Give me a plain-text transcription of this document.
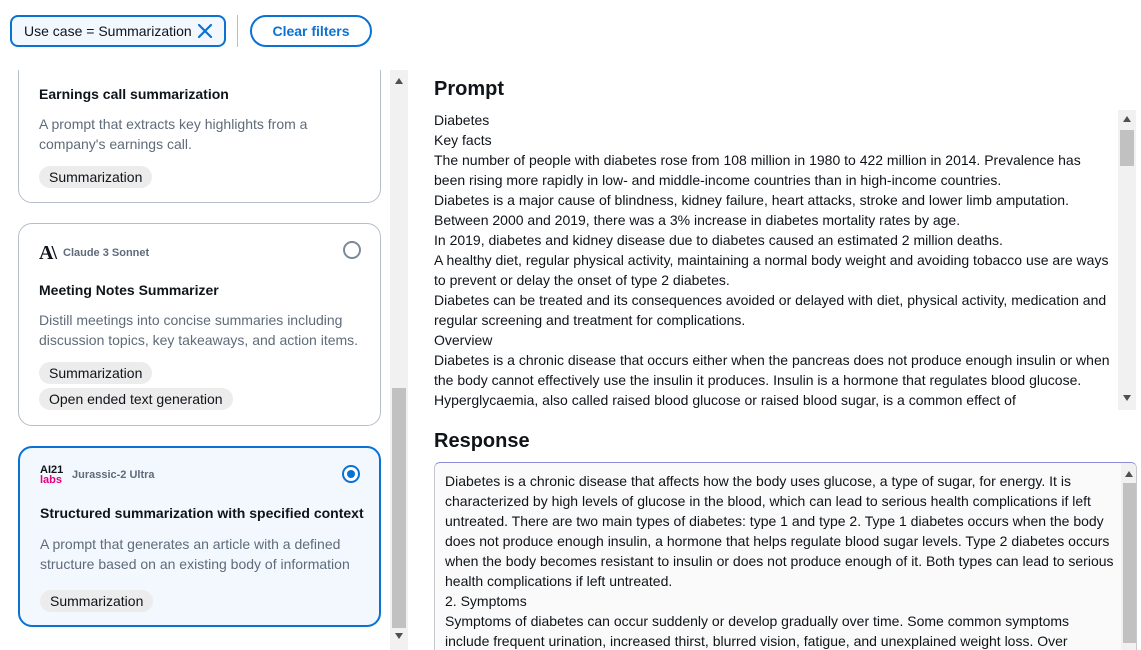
Use case = Summarization	Clear filters
Earnings call summarization
A prompt that extracts key highlights from a company's earnings call.
Summarization
A\ Claude 3 Sonnet
Meeting Notes Summarizer
Distill meetings into concise summaries including discussion topics, key takeaways, and action items.
Summarization
Open ended text generation
AI21
labs Jurassic-2 Ultra
Structured summarization with specified context
A prompt that generates an article with a defined structure based on an existing body of information
Summarization
Prompt

Diabetes

Key facts

The number of people with diabetes rose from 108 million in 1980 to 422 million in 2014. Prevalence has been rising more rapidly in low- and middle-income countries than in high-income countries.

Diabetes is a major cause of blindness, kidney failure, heart attacks, stroke and lower limb amputation.

Between 2000 and 2019, there was a 3% increase in diabetes mortality rates by age.

In 2019, diabetes and kidney disease due to diabetes caused an estimated 2 million deaths.

A healthy diet, regular physical activity, maintaining a normal body weight and avoiding tobacco use are ways to prevent or delay the onset of type 2 diabetes.

Diabetes can be treated and its consequences avoided or delayed with diet, physical activity, medication and regular screening and treatment for complications.

Overview

Diabetes is a chronic disease that occurs either when the pancreas does not produce enough insulin or when the body cannot effectively use the insulin it produces. Insulin is a hormone that regulates blood glucose. Hyperglycaemia, also called raised blood glucose or raised blood sugar, is a common effect of

Response

Diabetes is a chronic disease that affects how the body uses glucose, a type of sugar, for energy. It is characterized by high levels of glucose in the blood, which can lead to serious health complications if left untreated. There are two main types of diabetes: type 1 and type 2. Type 1 diabetes occurs when the body does not produce enough insulin, a hormone that helps regulate blood sugar levels. Type 2 diabetes occurs when the body becomes resistant to insulin or does not produce enough of it. Both types can lead to serious health complications if left untreated.

2. Symptoms

Symptoms of diabetes can occur suddenly or develop gradually over time. Some common symptoms include frequent urination, increased thirst, blurred vision, fatigue, and unexplained weight loss. Over
